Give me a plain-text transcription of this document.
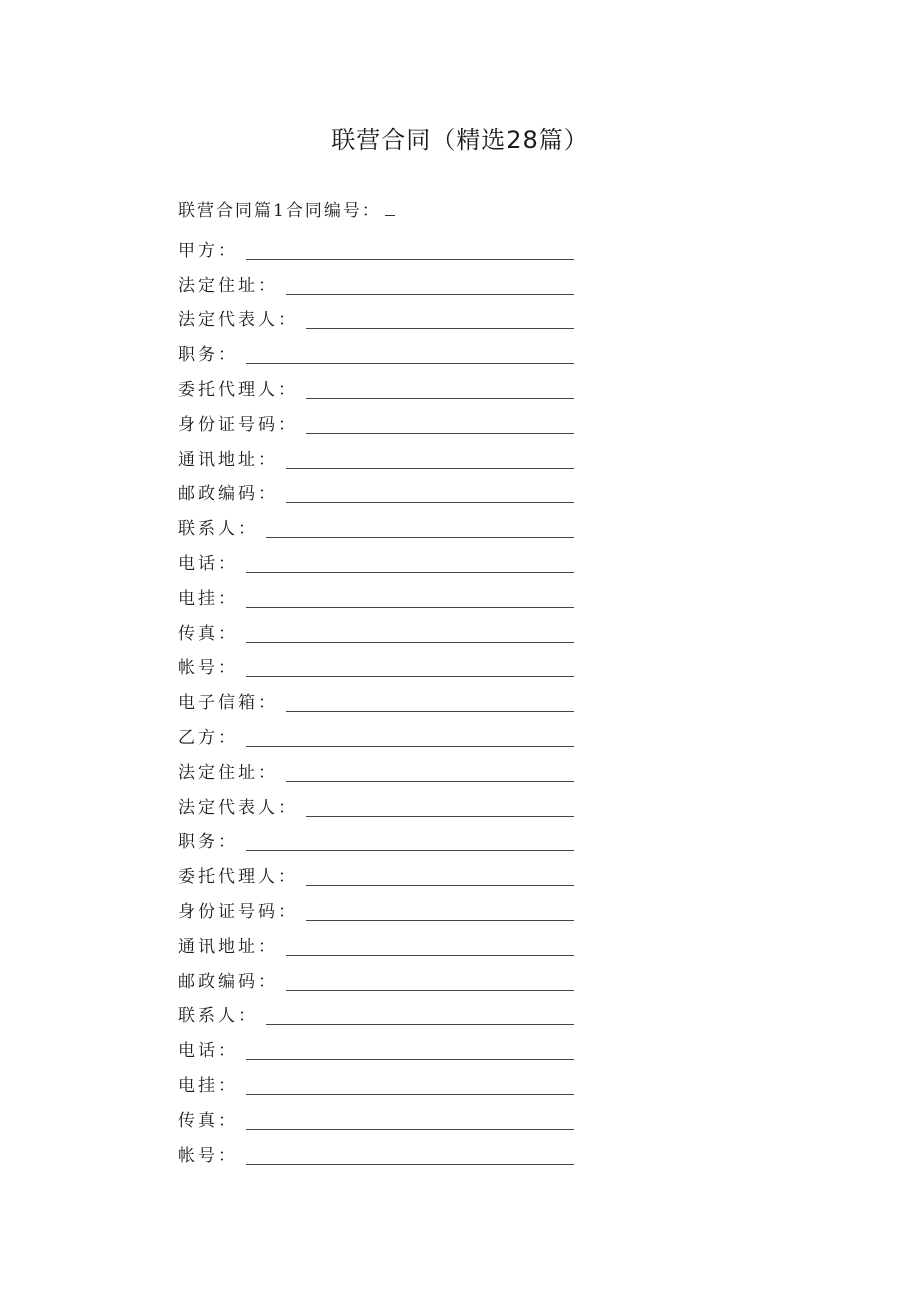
联营合同（精选28篇）
联营合同篇1合同编号：
甲方：
法定住址：
法定代表人：
职务：
委托代理人：
身份证号码：
通讯地址：
邮政编码：
联系人：
电话：
电挂：
传真：
帐号：
电子信箱：
乙方：
法定住址：
法定代表人：
职务：
委托代理人：
身份证号码：
通讯地址：
邮政编码：
联系人：
电话：
电挂：
传真：
帐号：
